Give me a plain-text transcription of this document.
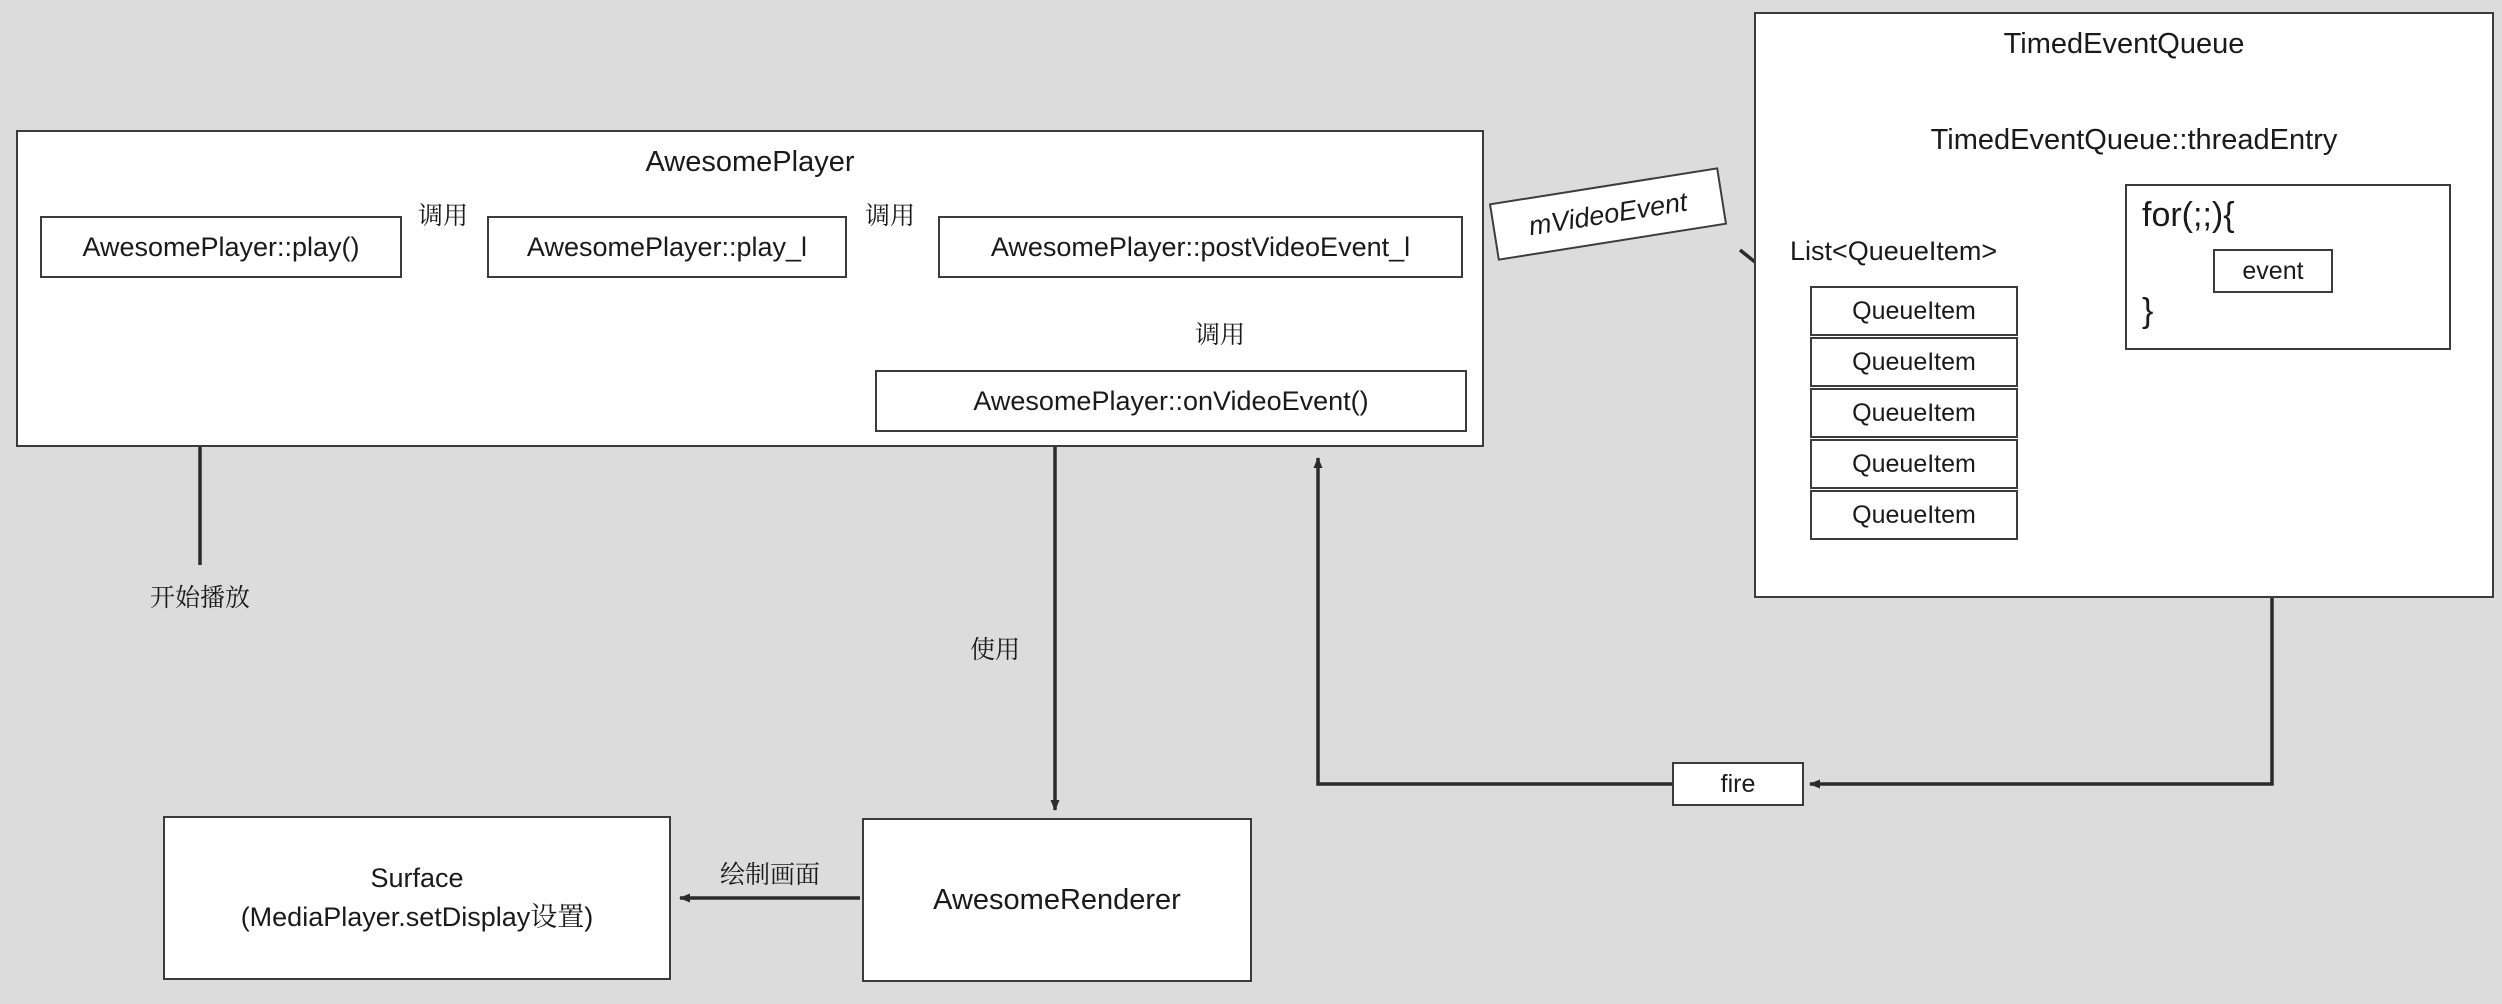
AwesomePlayer
AwesomePlayer::play()	AwesomePlayer::play_l	AwesomePlayer::postVideoEvent_l
AwesomePlayer::onVideoEvent()
调用	调用
调用
开始播放
使用
绘制画面
mVideoEvent
TimedEventQueue
TimedEventQueue::threadEntry
List<QueueItem>
QueueItem
QueueItem
QueueItem
QueueItem
QueueItem
for(;;){
}
event
fire
AwesomeRenderer
Surface
(MediaPlayer.setDisplay设置)
